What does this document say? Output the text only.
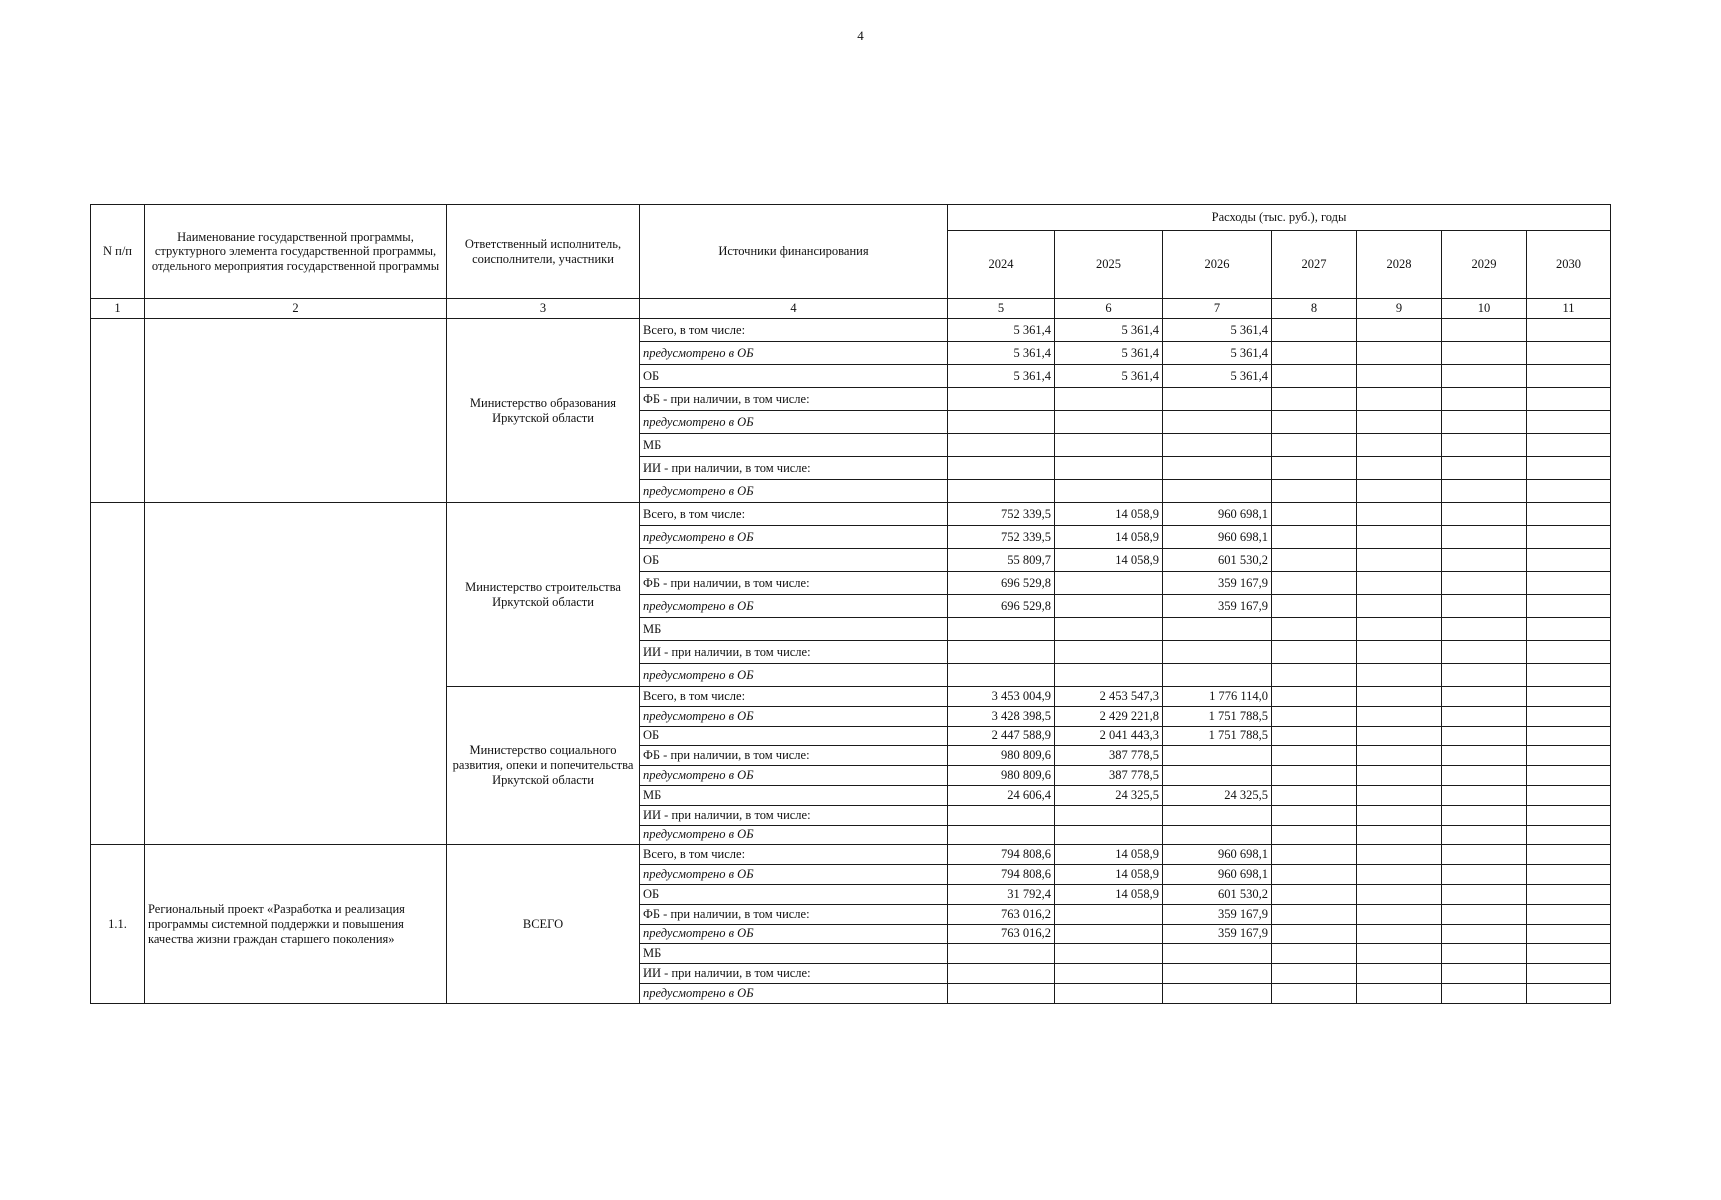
4
N п/п	Наименование государственной программы, структурного элемента государственной программы, отдельного мероприятия государственной программы	Ответственный исполнитель, соисполнители, участники	Источники финансирования	Расходы (тыс. руб.), годы						
				2024	2025	2026	2027	2028	2029	2030
1	2	3	4	5	6	7	8	9	10	11
		Министерство образования Иркутской области	Всего, в том числе:	5 361,4	5 361,4	5 361,4				
			предусмотрено в ОБ	5 361,4	5 361,4	5 361,4				
			ОБ	5 361,4	5 361,4	5 361,4				
			ФБ - при наличии, в том числе:							
			предусмотрено в ОБ							
			МБ							
			ИИ - при наличии, в том числе:							
			предусмотрено в ОБ							
		Министерство строительства Иркутской области	Всего, в том числе:	752 339,5	14 058,9	960 698,1				
			предусмотрено в ОБ	752 339,5	14 058,9	960 698,1				
			ОБ	55 809,7	14 058,9	601 530,2				
			ФБ - при наличии, в том числе:	696 529,8		359 167,9				
			предусмотрено в ОБ	696 529,8		359 167,9				
			МБ							
			ИИ - при наличии, в том числе:							
			предусмотрено в ОБ							
		Министерство социального развития, опеки и попечительства Иркутской области	Всего, в том числе:	3 453 004,9	2 453 547,3	1 776 114,0				
			предусмотрено в ОБ	3 428 398,5	2 429 221,8	1 751 788,5				
			ОБ	2 447 588,9	2 041 443,3	1 751 788,5				
			ФБ - при наличии, в том числе:	980 809,6	387 778,5					
			предусмотрено в ОБ	980 809,6	387 778,5					
			МБ	24 606,4	24 325,5	24 325,5				
			ИИ - при наличии, в том числе:							
			предусмотрено в ОБ							
1.1.	Региональный проект «Разработка и реализация программы системной поддержки и повышения качества жизни граждан старшего поколения»	ВСЕГО	Всего, в том числе:	794 808,6	14 058,9	960 698,1				
			предусмотрено в ОБ	794 808,6	14 058,9	960 698,1				
			ОБ	31 792,4	14 058,9	601 530,2				
			ФБ - при наличии, в том числе:	763 016,2		359 167,9				
			предусмотрено в ОБ	763 016,2		359 167,9				
			МБ							
			ИИ - при наличии, в том числе:							
			предусмотрено в ОБ							
